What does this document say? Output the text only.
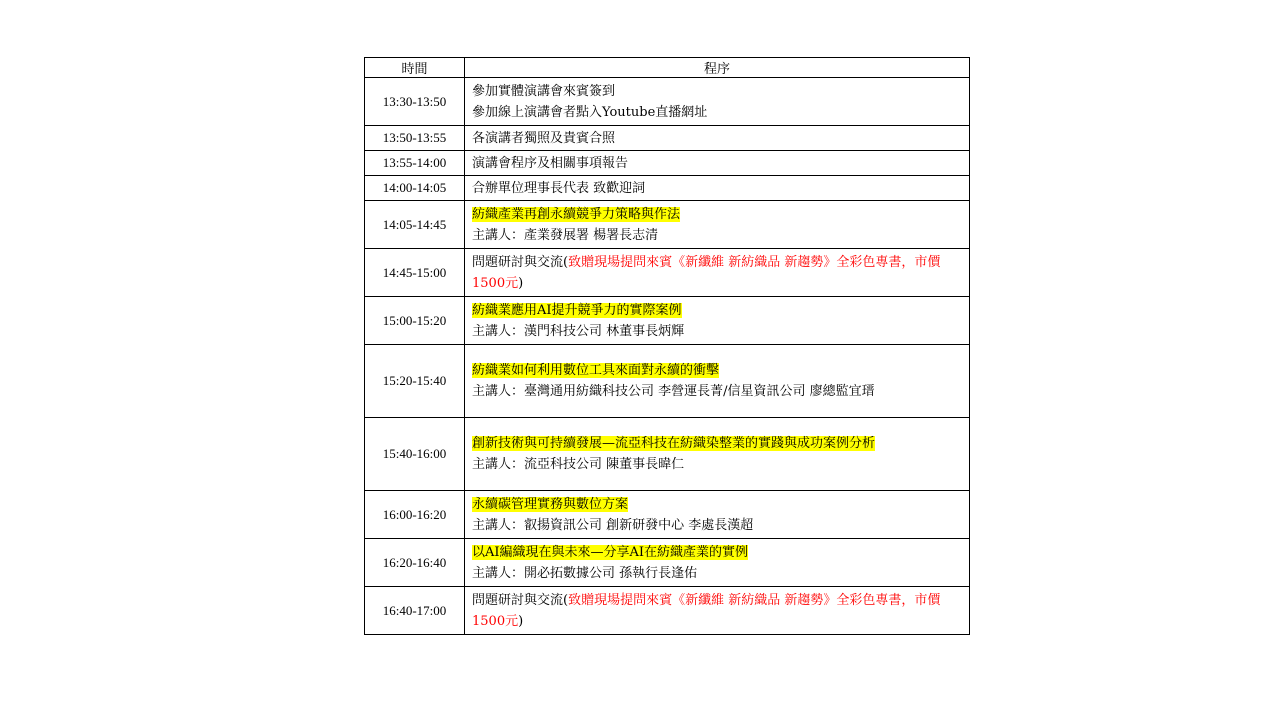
時間	程序
13:30-13:50	參加實體演講會來賓簽到
參加線上演講會者點入Youtube直播網址

13:50-13:55	各演講者獨照及貴賓合照

13:55-14:00	演講會程序及相關事項報告

14:00-14:05	合辦單位理事長代表 致歡迎詞

14:05-14:45	紡織產業再創永續競爭力策略與作法
主講人：產業發展署 楊署長志清

14:45-15:00	問題研討與交流(致贈現場提問來賓《新纖維 新紡織品 新趨勢》全彩色專書，市價1500元)
15:00-15:20	紡織業應用AI提升競爭力的實際案例
主講人：漢門科技公司 林董事長炳輝

15:20-15:40	紡織業如何利用數位工具來面對永續的衝擊
主講人：臺灣通用紡織科技公司 李營運長菁/信星資訊公司 廖總監宜瑨

15:40-16:00	創新技術與可持續發展—流亞科技在紡織染整業的實踐與成功案例分析
主講人：流亞科技公司 陳董事長暐仁

16:00-16:20	永續碳管理實務與數位方案
主講人：叡揚資訊公司 創新研發中心 李處長漢超

16:20-16:40	以AI編織現在與未來—分享AI在紡織產業的實例
主講人：開必拓數據公司 孫執行長逢佑

16:40-17:00	問題研討與交流(致贈現場提問來賓《新纖維 新紡織品 新趨勢》全彩色專書，市價1500元)
